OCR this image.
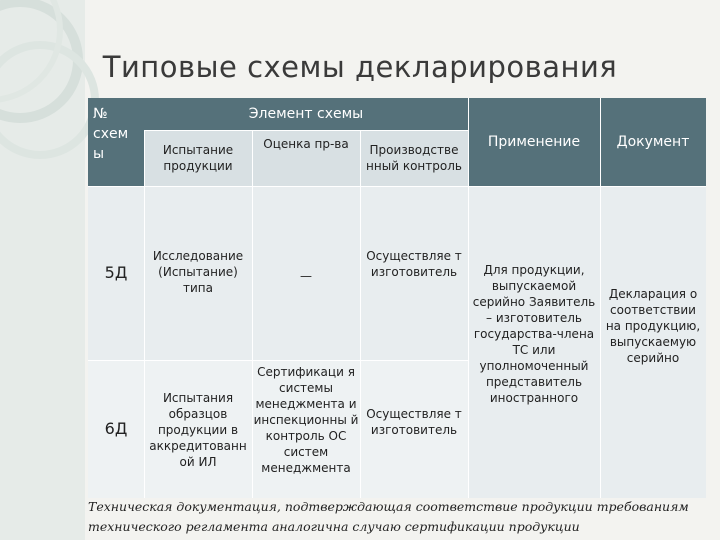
Типовые схемы декларирования
№ схем ы
Элемент схемы
Испытание продукции
Оценка пр-ва	Производстве нный контроль
Применение	Документ
5Д
Исследование (Испытание) типа
—
Осуществляе т изготовитель
6Д
Испытания образцов продукции в аккредитованн ой ИЛ
Сертификаци я системы менеджмента и инспекционны й контроль ОС систем менеджмента
Осуществляе т изготовитель
Для продукции, выпускаемой серийно Заявитель – изготовитель государства-члена ТС или уполномоченный представитель иностранного
Декларация о соответствии на продукцию, выпускаемую серийно
Техническая документация, подтверждающая соответствие продукции требованиям технического регламента аналогична случаю сертификации продукции
